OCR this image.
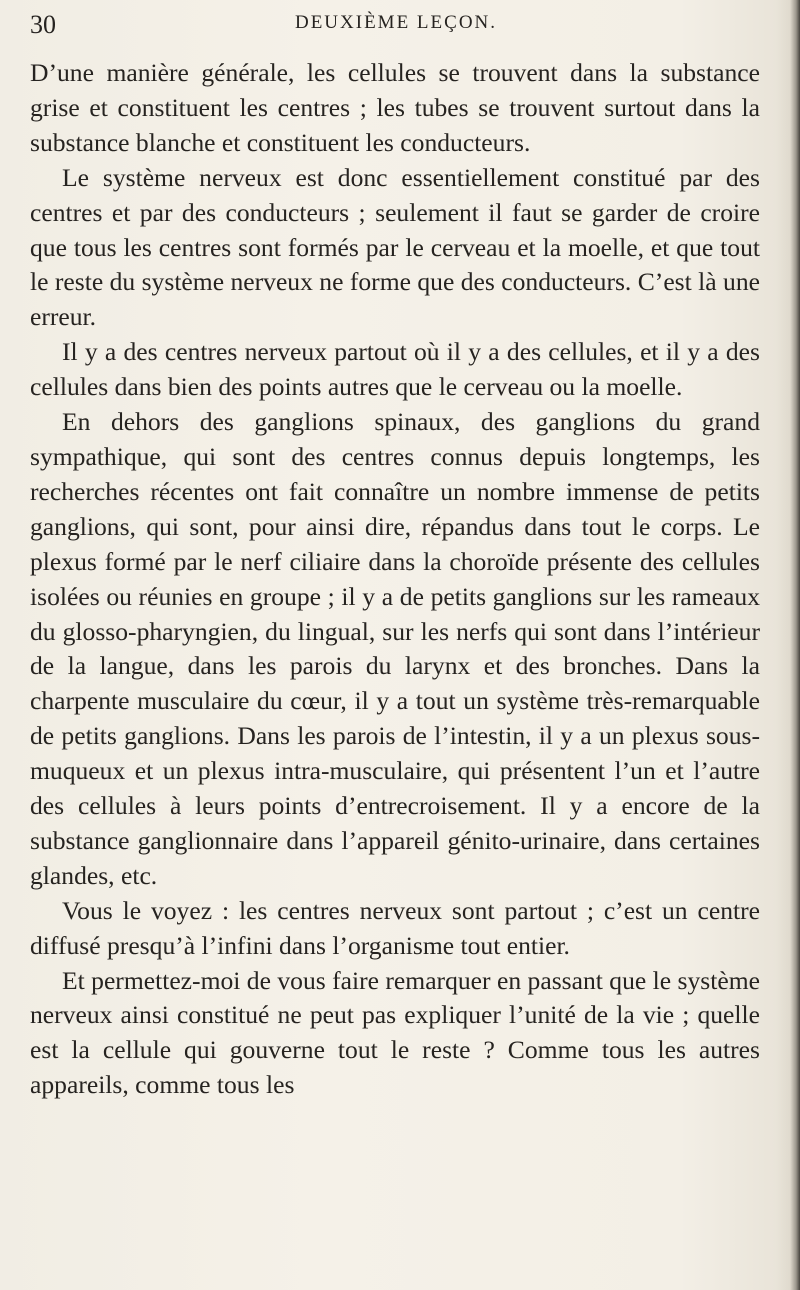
30	DEUXIÈME LEÇON.

D’une manière générale, les cellules se trouvent dans la substance grise et constituent les centres ; les tubes se trouvent surtout dans la substance blanche et constituent les conducteurs.

Le système nerveux est donc essentiellement constitué par des centres et par des conducteurs ; seulement il faut se garder de croire que tous les centres sont formés par le cerveau et la moelle, et que tout le reste du système nerveux ne forme que des conducteurs. C’est là une erreur.

Il y a des centres nerveux partout où il y a des cellules, et il y a des cellules dans bien des points autres que le cerveau ou la moelle.

En dehors des ganglions spinaux, des ganglions du grand sympathique, qui sont des centres connus depuis longtemps, les recherches récentes ont fait connaître un nombre immense de petits ganglions, qui sont, pour ainsi dire, répandus dans tout le corps. Le plexus formé par le nerf ciliaire dans la choroïde présente des cellules isolées ou réunies en groupe ; il y a de petits ganglions sur les rameaux du glosso-pharyngien, du lingual, sur les nerfs qui sont dans l’intérieur de la langue, dans les parois du larynx et des bronches. Dans la charpente musculaire du cœur, il y a tout un système très-remarquable de petits ganglions. Dans les parois de l’intestin, il y a un plexus sous-muqueux et un plexus intra-musculaire, qui présentent l’un et l’autre des cellules à leurs points d’entrecroisement. Il y a encore de la substance ganglionnaire dans l’appareil génito-urinaire, dans certaines glandes, etc.

Vous le voyez : les centres nerveux sont partout ; c’est un centre diffusé presqu’à l’infini dans l’organisme tout entier.

Et permettez-moi de vous faire remarquer en passant que le système nerveux ainsi constitué ne peut pas expliquer l’unité de la vie ; quelle est la cellule qui gouverne tout le reste ? Comme tous les autres appareils, comme tous les
